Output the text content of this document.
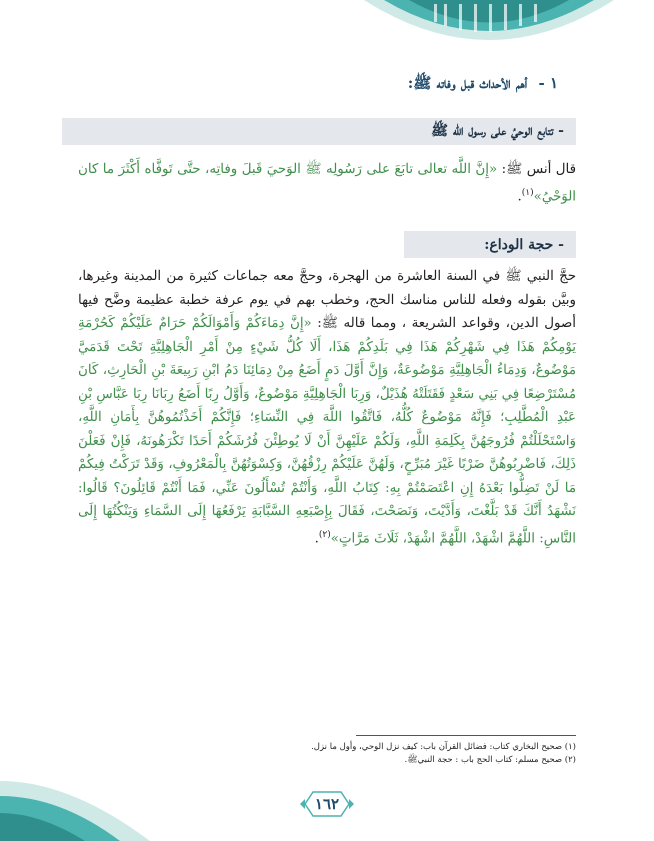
١ - أهم الأحداث قبل وفاته ﷺ:
- تتابع الوحيُ على رسول الله ﷺ

قال أنس ﷺ: «إِنَّ اللَّه تعالى تابَعَ على رَسُولِه ﷺ الوَحيَ قَبلَ وفاتِه، حتَّى تَوفَّاه أَكْثَرَ ما كان الوَحْيُ»$^{(١)}$.

- حجة الوداع:

حجَّ النبي ﷺ في السنة العاشرة من الهجرة، وحجَّ معه جماعات كثيرة من المدينة وغيرها، وبيَّن بقوله وفعله للناس مناسك الحج، وخطب بهم في يوم عرفة خطبة عظيمة وضَّح فيها أصول الدين، وقواعد الشريعة ، ومما قاله ﷺ: «إِنَّ دِمَاءَكُمْ وَأَمْوَالَكُمْ حَرَامٌ عَلَيْكُمْ كَحُرْمَةِ يَوْمِكُمْ هَذَا فِي شَهْرِكُمْ هَذَا فِي بَلَدِكُمْ هَذَا، أَلَا كُلُّ شَيْءٍ مِنْ أَمْرِ الْجَاهِلِيَّةِ تَحْتَ قَدَمَيَّ مَوْضُوعٌ، وَدِمَاءُ الْجَاهِلِيَّةِ مَوْضُوعَةٌ، وَإِنَّ أَوَّلَ دَمٍ أَضَعُ مِنْ دِمَائِنَا دَمُ ابْنِ رَبِيعَةَ بْنِ الْحَارِثِ، كَانَ مُسْتَرْضِعًا فِي بَنِي سَعْدٍ فَقَتَلَتْهُ هُذَيْلٌ، وَرِبَا الْجَاهِلِيَّةِ مَوْضُوعٌ، وَأَوَّلُ رِبًا أَضَعُ رِبَانَا رِبَا عَبَّاسِ بْنِ عَبْدِ الْمُطَّلِبِ؛ فَإِنَّهُ مَوْضُوعٌ كُلُّهُ، فَاتَّقُوا اللَّهَ فِي النِّسَاءِ؛ فَإِنَّكُمْ أَخَذْتُمُوهُنَّ بِأَمَانِ اللَّهِ، وَاسْتَحْلَلْتُمْ فُرُوجَهُنَّ بِكَلِمَةِ اللَّهِ، وَلَكُمْ عَلَيْهِنَّ أَنْ لَا يُوطِئْنَ فُرُشَكُمْ أَحَدًا تَكْرَهُونَهُ، فَإِنْ فَعَلْنَ ذَلِكَ، فَاضْرِبُوهُنَّ ضَرْبًا غَيْرَ مُبَرِّحٍ، وَلَهُنَّ عَلَيْكُمْ رِزْقُهُنَّ، وَكِسْوَتُهُنَّ بِالْمَعْرُوفِ، وَقَدْ تَرَكْتُ فِيكُمْ مَا لَنْ تَضِلُّوا بَعْدَهُ إِنِ اعْتَصَمْتُمْ بِهِ: كِتَابُ اللَّهِ، وَأَنْتُمْ تُسْأَلُونَ عَنِّي، فَمَا أَنْتُمْ قَائِلُونَ؟ قَالُوا: نَشْهَدُ أَنَّكَ قَدْ بَلَّغْتَ، وَأَدَّيْتَ، وَنَصَحْتَ، فَقَالَ بِإِصْبَعِهِ السَّبَّابَةِ يَرْفَعُهَا إِلَى السَّمَاءِ وَيَنْكُتُهَا إِلَى النَّاسِ: اللَّهُمَّ اشْهَدْ، اللَّهُمَّ اشْهَدْ، ثَلَاثَ مَرَّاتٍ»$^{(٢)}$.

(١) صحيح البخاري كتاب: فضائل القرآن باب: كيف نزل الوحي، وأول ما نزل.
(٢) صحيح مسلم: كتاب الحج باب : حجة النبيﷺ.
١٦٢
